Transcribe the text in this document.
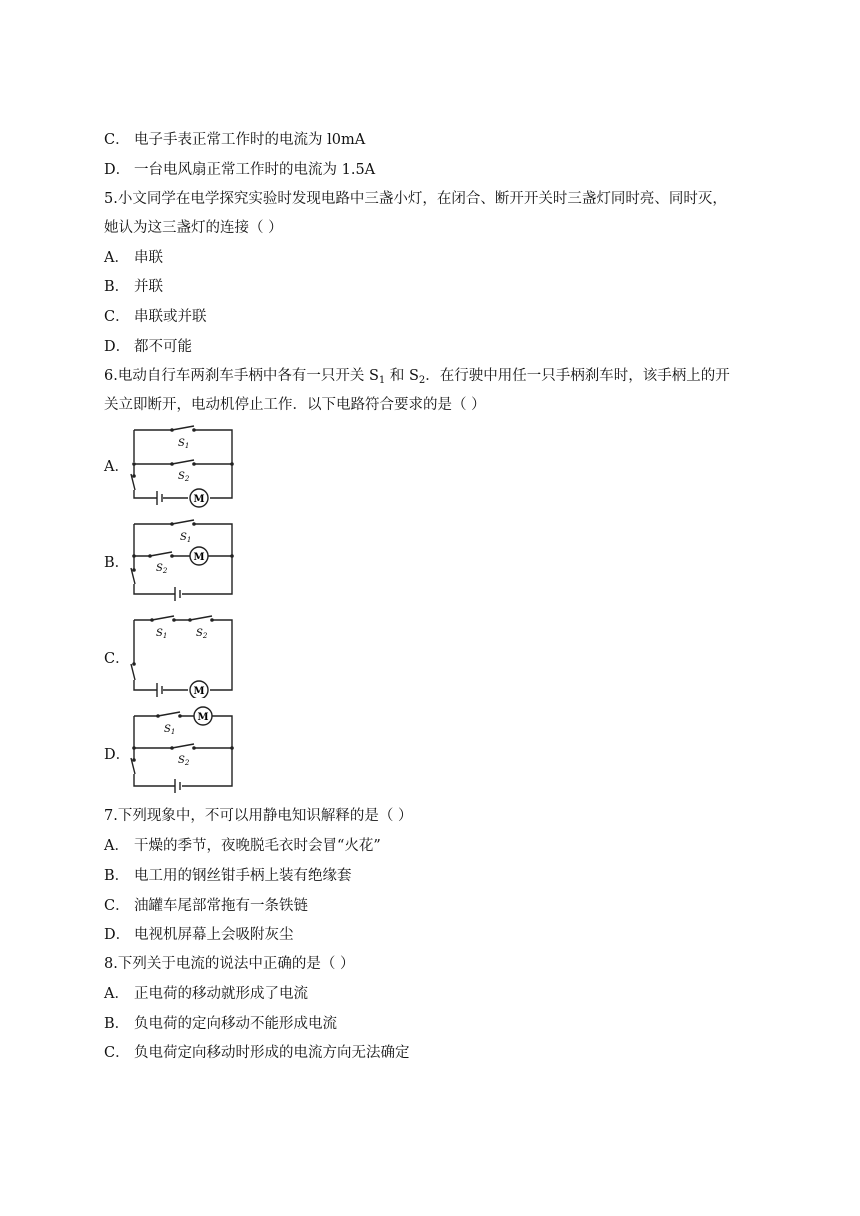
C． 电子手表正常工作时的电流为 l0mA
D． 一台电风扇正常工作时的电流为 1.5A
5.小文同学在电学探究实验时发现电路中三盏小灯，在闭合、断开开关时三盏灯同时亮、同时灭，
她认为这三盏灯的连接（ ）
A． 串联
B． 并联
C． 串联或并联
D． 都不可能
6.电动自行车两刹车手柄中各有一只开关 $S_1$ 和 $S_2$．在行驶中用任一只手柄刹车时，该手柄上的开
关立即断开，电动机停止工作．以下电路符合要求的是（ ）
A．
$S_1$
$S_2$
M
B．
$S_1$
$S_2$
M
C．
$S_1$	$S_2$
M
D．
$S_1$
$S_2$
M
7.下列现象中，不可以用静电知识解释的是（ ）
A． 干燥的季节，夜晚脱毛衣时会冒“火花”
B． 电工用的钢丝钳手柄上装有绝缘套
C． 油罐车尾部常拖有一条铁链
D． 电视机屏幕上会吸附灰尘
8.下列关于电流的说法中正确的是（ ）
A． 正电荷的移动就形成了电流
B． 负电荷的定向移动不能形成电流
C． 负电荷定向移动时形成的电流方向无法确定
